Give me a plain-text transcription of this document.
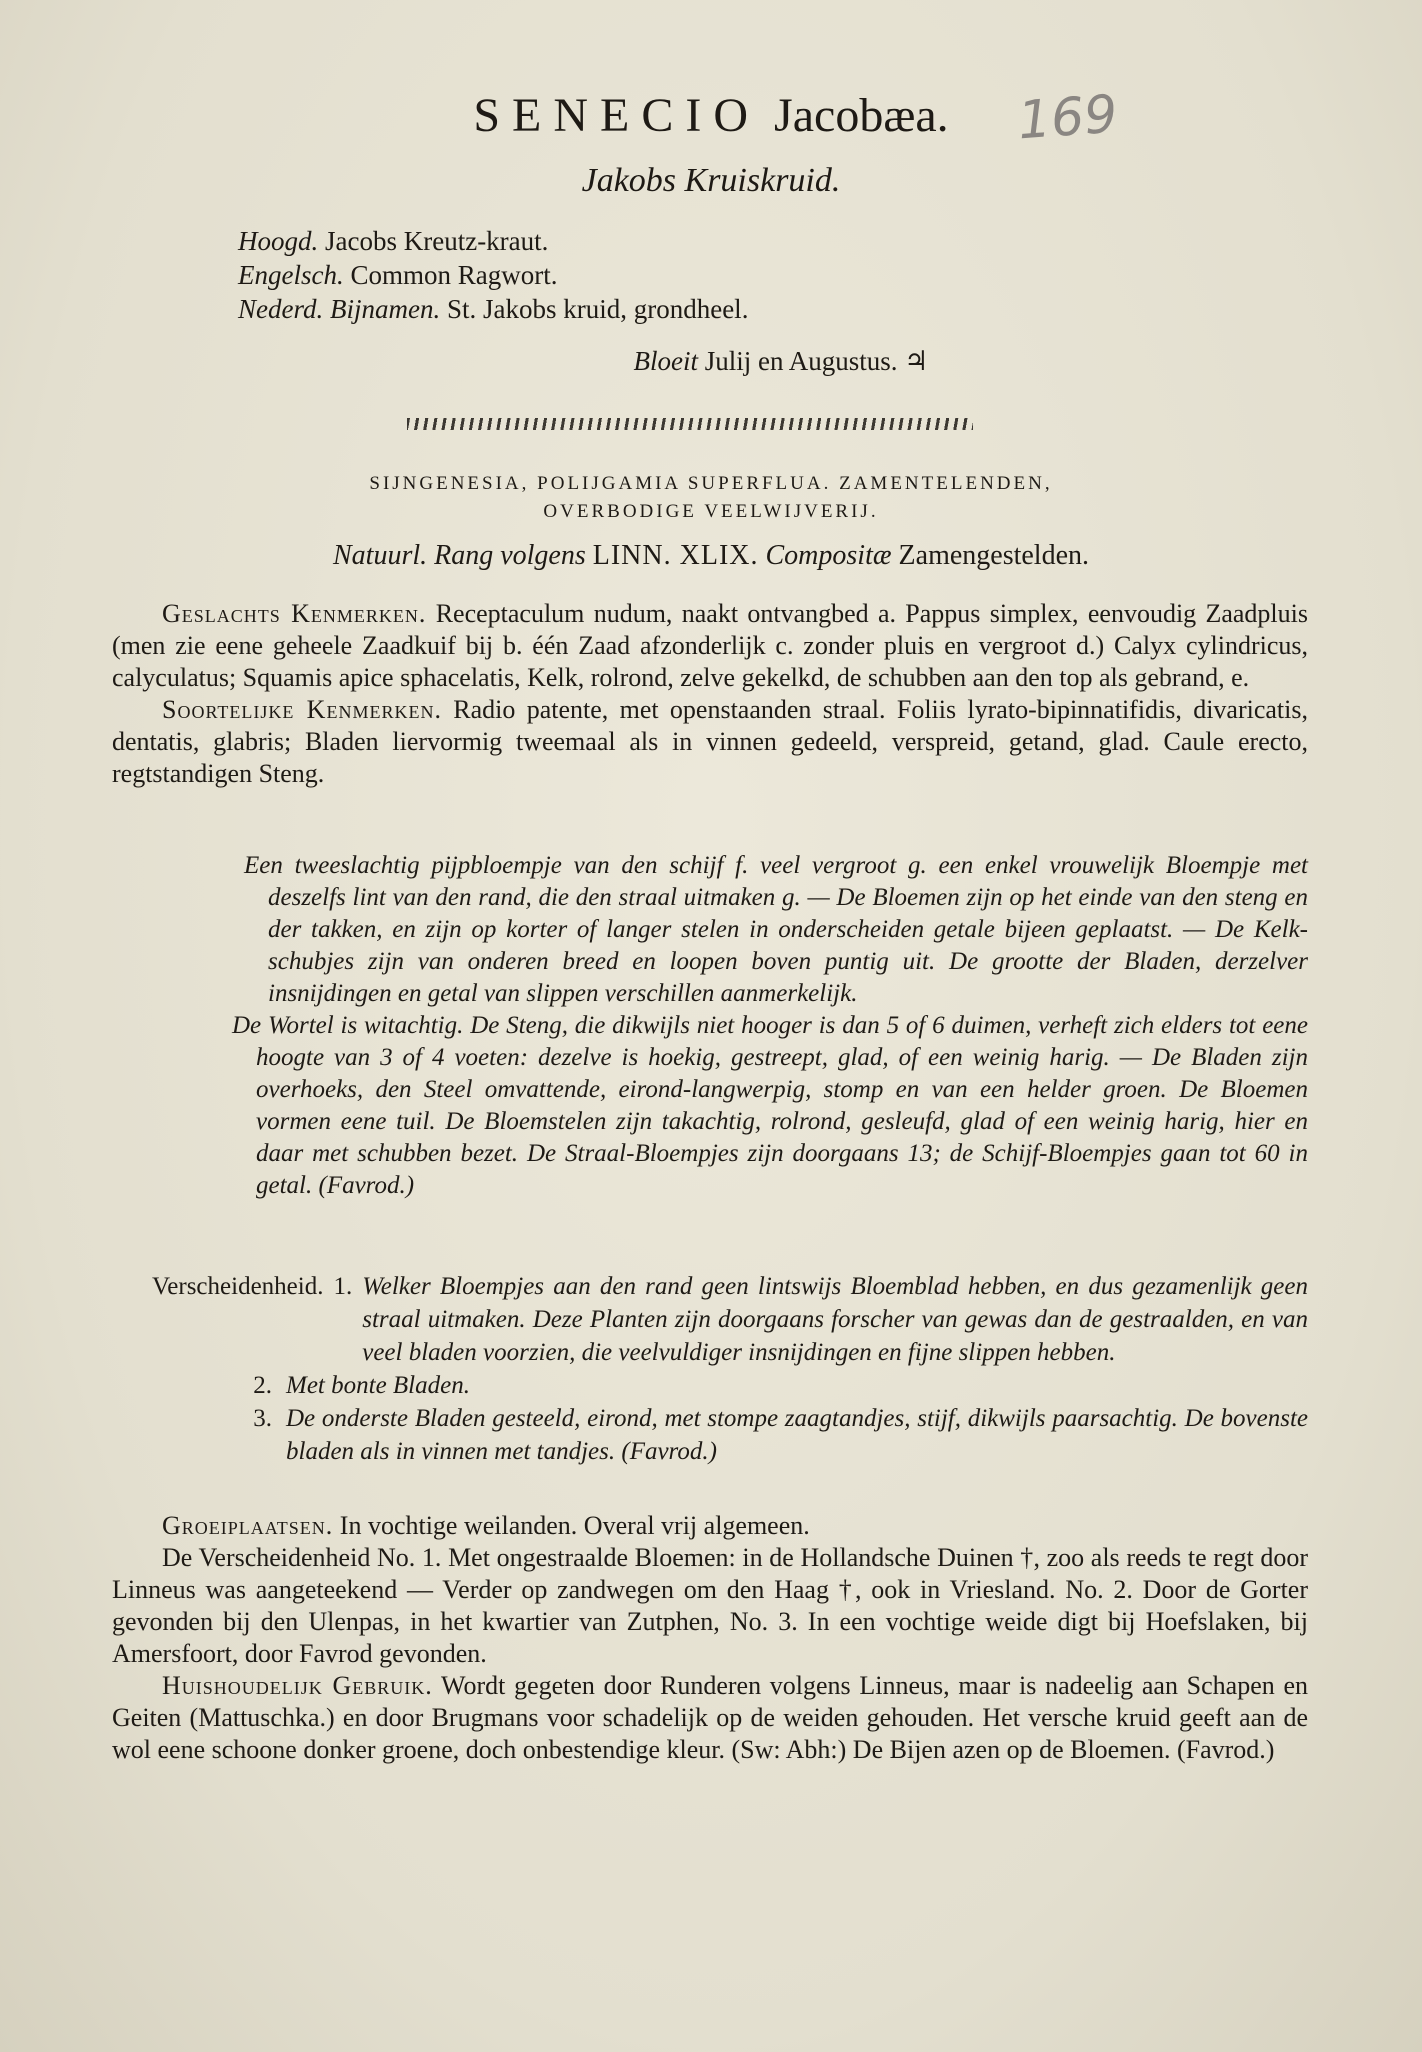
169
SENECIO Jacobæa.
Jakobs Kruiskruid.
Hoogd. Jacobs Kreutz-kraut.
Engelsch. Common Ragwort.
Nederd. Bijnamen. St. Jakobs kruid, grondheel.
Bloeit Julij en Augustus. ♃
SIJNGENESIA, POLIJGAMIA SUPERFLUA. ZAMENTELENDEN,
OVERBODIGE VEELWIJVERIJ.
Natuurl. Rang volgens LINN. XLIX. Compositæ Zamengestelden.

Geslachts Kenmerken. Receptaculum nudum, naakt ontvangbed a. Pappus simplex, eenvoudig Zaadpluis (men zie eene geheele Zaadkuif bij b. één Zaad afzonderlijk c. zonder pluis en vergroot d.) Calyx cylindricus, calyculatus; Squamis apice sphacelatis, Kelk, rolrond, zelve gekelkd, de schubben aan den top als gebrand, e.

Soortelijke Kenmerken. Radio patente, met openstaanden straal. Foliis lyrato-bipinnatifidis, divaricatis, dentatis, glabris; Bladen liervormig tweemaal als in vinnen gedeeld, verspreid, getand, glad. Caule erecto, regtstandigen Steng.

Een tweeslachtig pijpbloempje van den schijf f. veel vergroot g. een enkel vrouwelijk Bloempje met deszelfs lint van den rand, die den straal uitmaken g. — De Bloemen zijn op het einde van den steng en der takken, en zijn op korter of langer stelen in onderscheiden getale bijeen geplaatst. — De Kelk-schubjes zijn van onderen breed en loopen boven puntig uit. De grootte der Bladen, derzelver insnijdingen en getal van slippen verschillen aanmerkelijk.

De Wortel is witachtig. De Steng, die dikwijls niet hooger is dan 5 of 6 duimen, verheft zich elders tot eene hoogte van 3 of 4 voeten: dezelve is hoekig, gestreept, glad, of een weinig harig. — De Bladen zijn overhoeks, den Steel omvattende, eirond-langwerpig, stomp en van een helder groen. De Bloemen vormen eene tuil. De Bloemstelen zijn takachtig, rolrond, gesleufd, glad of een weinig harig, hier en daar met schubben bezet. De Straal-Bloempjes zijn doorgaans 13; de Schijf-Bloempjes gaan tot 60 in getal. (Favrod.)

Verscheidenheid. 1. Welker Bloempjes aan den rand geen lintswijs Bloemblad hebben, en dus gezamenlijk geen straal uitmaken. Deze Planten zijn doorgaans forscher van gewas dan de gestraalden, en van veel bladen voorzien, die veelvuldiger insnijdingen en fijne slippen hebben.
2. Met bonte Bladen.
3. De onderste Bladen gesteeld, eirond, met stompe zaagtandjes, stijf, dikwijls paarsachtig. De bovenste bladen als in vinnen met tandjes. (Favrod.)

Groeiplaatsen. In vochtige weilanden. Overal vrij algemeen.

De Verscheidenheid No. 1. Met ongestraalde Bloemen: in de Hollandsche Duinen †, zoo als reeds te regt door Linneus was aangeteekend — Verder op zandwegen om den Haag †, ook in Vriesland. No. 2. Door de Gorter gevonden bij den Ulenpas, in het kwartier van Zutphen, No. 3. In een vochtige weide digt bij Hoefslaken, bij Amersfoort, door Favrod gevonden.

Huishoudelijk Gebruik. Wordt gegeten door Runderen volgens Linneus, maar is nadeelig aan Schapen en Geiten (Mattuschka.) en door Brugmans voor schadelijk op de weiden gehouden. Het versche kruid geeft aan de wol eene schoone donker groene, doch onbestendige kleur. (Sw: Abh:) De Bijen azen op de Bloemen. (Favrod.)
